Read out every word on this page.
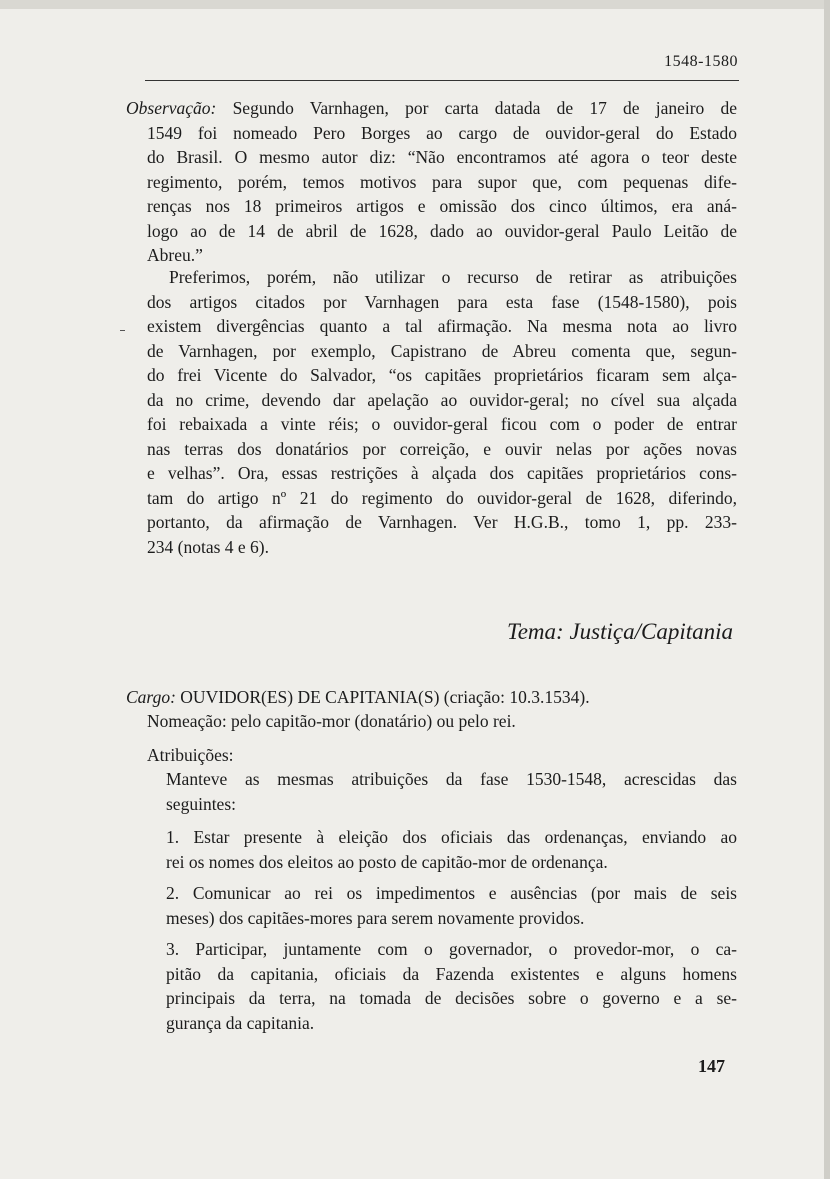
1548-1580
Observação: Segundo Varnhagen, por carta datada de 17 de janeiro de
1549 foi nomeado Pero Borges ao cargo de ouvidor-geral do Estado
do Brasil. O mesmo autor diz: “Não encontramos até agora o teor deste
regimento, porém, temos motivos para supor que, com pequenas dife-
renças nos 18 primeiros artigos e omissão dos cinco últimos, era aná-
logo ao de 14 de abril de 1628, dado ao ouvidor-geral Paulo Leitão de
Abreu.”
Preferimos, porém, não utilizar o recurso de retirar as atribuições
dos artigos citados por Varnhagen para esta fase (1548-1580), pois
existem divergências quanto a tal afirmação. Na mesma nota ao livro
de Varnhagen, por exemplo, Capistrano de Abreu comenta que, segun-
do frei Vicente do Salvador, “os capitães proprietários ficaram sem alça-
da no crime, devendo dar apelação ao ouvidor-geral; no cível sua alçada
foi rebaixada a vinte réis; o ouvidor-geral ficou com o poder de entrar
nas terras dos donatários por correição, e ouvir nelas por ações novas
e velhas”. Ora, essas restrições à alçada dos capitães proprietários cons-
tam do artigo nº 21 do regimento do ouvidor-geral de 1628, diferindo,
portanto, da afirmação de Varnhagen. Ver H.G.B., tomo 1, pp. 233-
234 (notas 4 e 6).
Tema: Justiça/Capitania
Cargo: OUVIDOR(ES) DE CAPITANIA(S) (criação: 10.3.1534).
Nomeação: pelo capitão-mor (donatário) ou pelo rei.
Atribuições:
Manteve as mesmas atribuições da fase 1530-1548, acrescidas das
seguintes:
1. Estar presente à eleição dos oficiais das ordenanças, enviando ao
rei os nomes dos eleitos ao posto de capitão-mor de ordenança.
2. Comunicar ao rei os impedimentos e ausências (por mais de seis
meses) dos capitães-mores para serem novamente providos.
3. Participar, juntamente com o governador, o provedor-mor, o ca-
pitão da capitania, oficiais da Fazenda existentes e alguns homens
principais da terra, na tomada de decisões sobre o governo e a se-
gurança da capitania.
147
